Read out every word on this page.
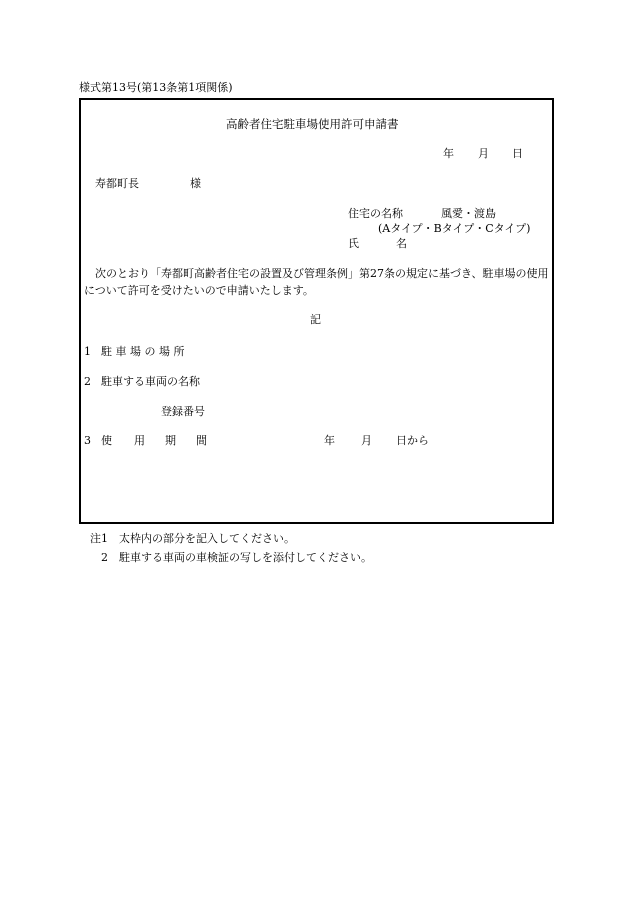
様式第13号(第13条第1項関係)
高齢者住宅駐車場使用許可申請書
年 月 日
寿都町長	様
住宅の名称	風愛・渡島
(Aタイプ・Bタイプ・Cタイプ)
氏	名
次のとおり「寿都町高齢者住宅の設置及び管理条例」第27条の規定に基づき、駐車場の使用について許可を受けたいので申請いたします。
記
1 駐 車 場 の 場 所
2 駐車する車両の名称
登録番号
3 使 用 期 間	年 月 日から
注1 太枠内の部分を記入してください。
2 駐車する車両の車検証の写しを添付してください。
